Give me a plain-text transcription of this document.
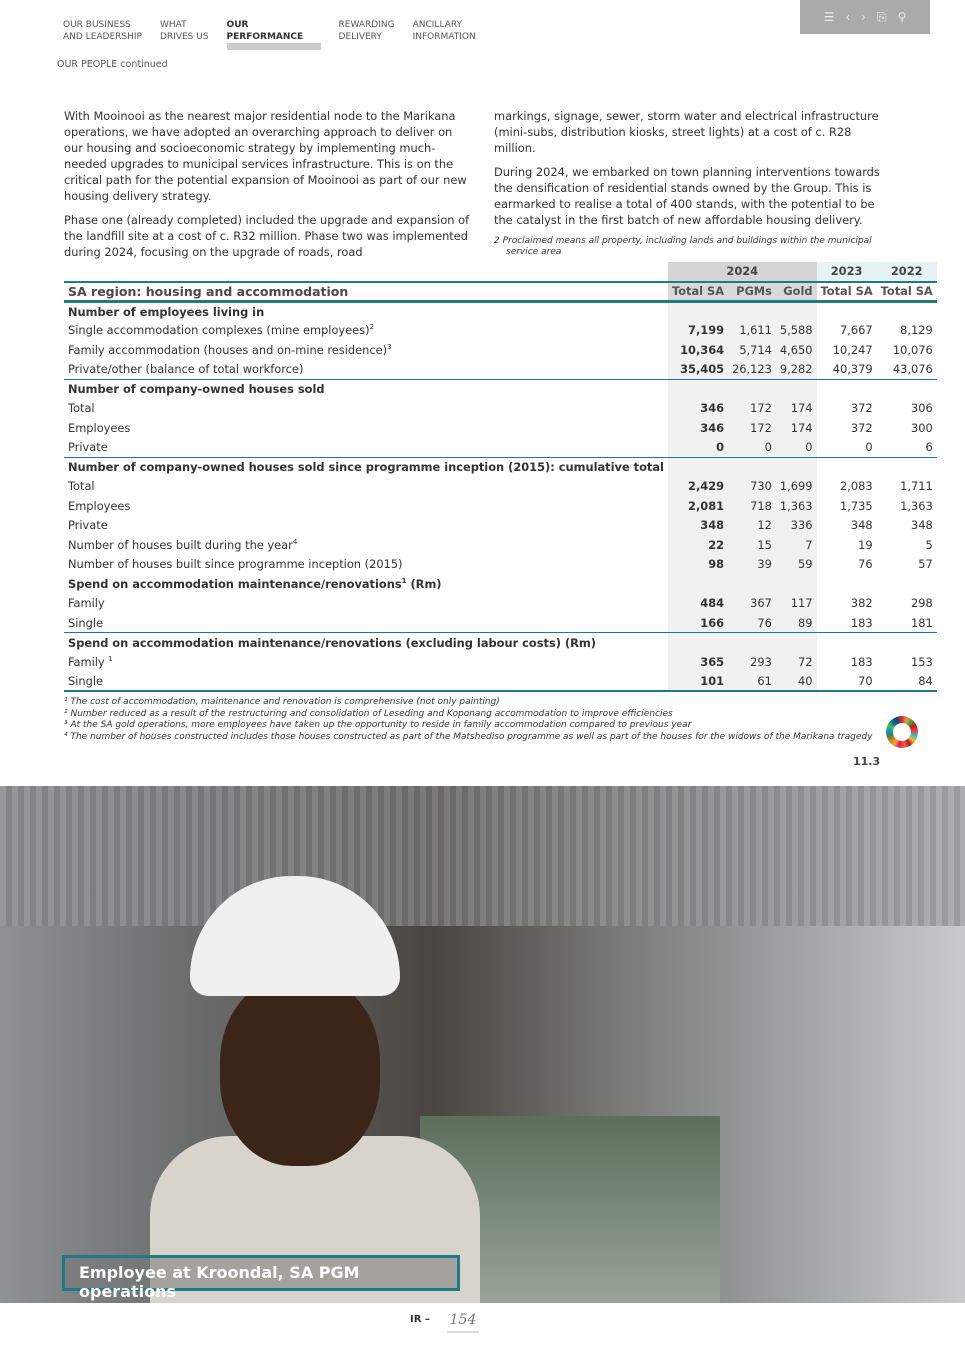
OUR BUSINESS
AND LEADERSHIP
WHAT
DRIVES US
OUR
PERFORMANCE
REWARDING
DELIVERY
ANCILLARY
INFORMATION
☰ ‹ › ⎘ ⚲
OUR PEOPLE continued

With Mooinooi as the nearest major residential node to the Marikana operations, we have adopted an overarching approach to deliver on our housing and socioeconomic strategy by implementing much-needed upgrades to municipal services infrastructure. This is on the critical path for the potential expansion of Mooinooi as part of our new housing delivery strategy.

Phase one (already completed) included the upgrade and expansion of the landfill site at a cost of c. R32 million. Phase two was implemented during 2024, focusing on the upgrade of roads, road

markings, signage, sewer, storm water and electrical infrastructure (mini-subs, distribution kiosks, street lights) at a cost of c. R28 million.

During 2024, we embarked on town planning interventions towards the densification of residential stands owned by the Group. This is earmarked to realise a total of 400 stands, with the potential to be the catalyst in the first batch of new affordable housing delivery.

2 Proclaimed means all property, including lands and buildings within the municipal service area
	2024			2023	2022
SA region: housing and accommodation	Total SA	PGMs	Gold	Total SA	Total SA
Number of employees living in					
Single accommodation complexes (mine employees)$^2$	7,199	1,611	5,588	7,667	8,129
Family accommodation (houses and on-mine residence)$^3$	10,364	5,714	4,650	10,247	10,076
Private/other (balance of total workforce)	35,405	26,123	9,282	40,379	43,076
Number of company-owned houses sold					
Total	346	172	174	372	306
Employees	346	172	174	372	300
Private	0	0	0	0	6
Number of company-owned houses sold since programme inception (2015): cumulative total					
Total	2,429	730	1,699	2,083	1,711
Employees	2,081	718	1,363	1,735	1,363
Private	348	12	336	348	348
Number of houses built during the year$^4$	22	15	7	19	5
Number of houses built since programme inception (2015)	98	39	59	76	57
Spend on accommodation maintenance/renovations$^1$ (Rm)					
Family	484	367	117	382	298
Single	166	76	89	183	181
Spend on accommodation maintenance/renovations (excluding labour costs) (Rm)					
Family $^1$	365	293	72	183	153
Single	101	61	40	70	84
¹ The cost of accommodation, maintenance and renovation is comprehensive (not only painting)
² Number reduced as a result of the restructuring and consolidation of Leseding and Koponang accommodation to improve efficiencies
³ At the SA gold operations, more employees have taken up the opportunity to reside in family accommodation compared to previous year
⁴ The number of houses constructed includes those houses constructed as part of the Matshediso programme as well as part of the houses for the widows of the Marikana tragedy
11.3
Employee at Kroondal, SA PGM operations
IR – 154
